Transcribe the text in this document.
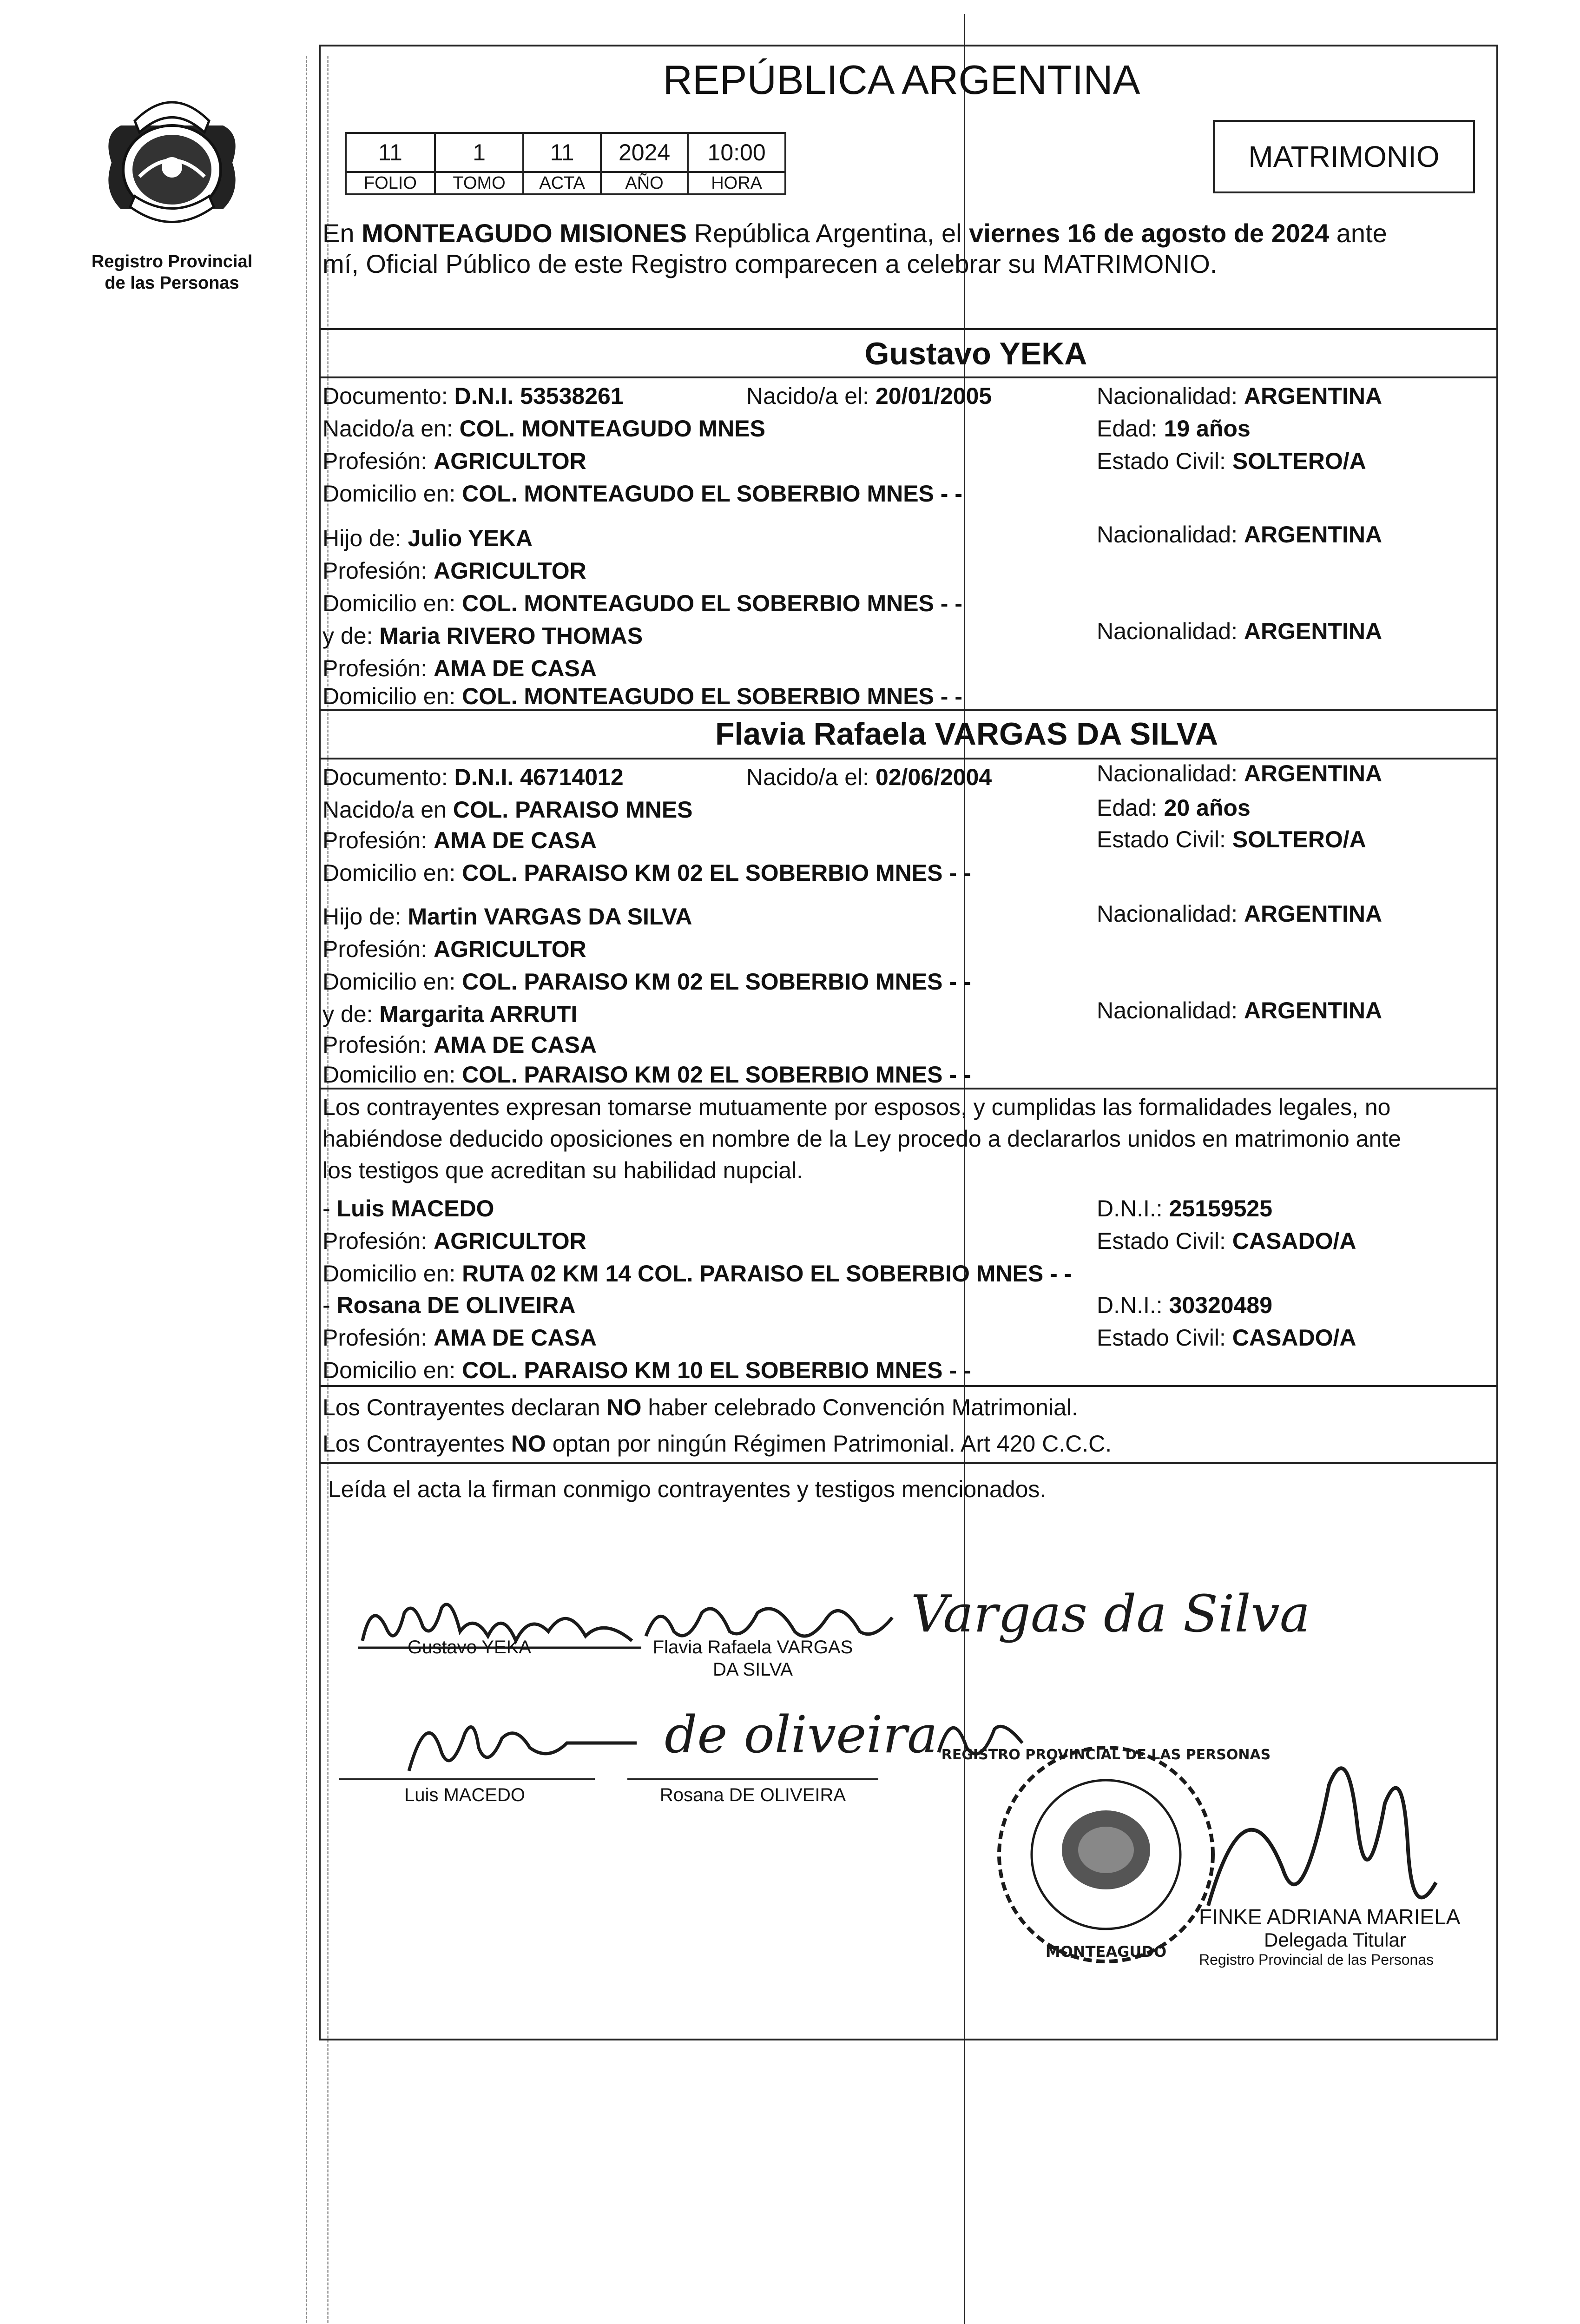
Registro Provincial
de las Personas
REPÚBLICA ARGENTINA
11	1	11	2024	10:00
FOLIO	TOMO	ACTA	AÑO	HORA
MATRIMONIO
En MONTEAGUDO MISIONES República Argentina, el viernes 16 de agosto de 2024 ante
mí, Oficial Público de este Registro comparecen a celebrar su MATRIMONIO.
Gustavo YEKA
Documento: D.N.I. 53538261	Nacido/a el: 20/01/2005	Nacionalidad: ARGENTINA
Nacido/a en: COL. MONTEAGUDO MNES	Edad: 19 años
Profesión: AGRICULTOR	Estado Civil: SOLTERO/A
Domicilio en: COL. MONTEAGUDO EL SOBERBIO MNES - -
Hijo de: Julio YEKA	Nacionalidad: ARGENTINA
Profesión: AGRICULTOR
Domicilio en: COL. MONTEAGUDO EL SOBERBIO MNES - -
y de: Maria RIVERO THOMAS	Nacionalidad: ARGENTINA
Profesión: AMA DE CASA
Domicilio en: COL. MONTEAGUDO EL SOBERBIO MNES - -
Flavia Rafaela VARGAS DA SILVA
Documento: D.N.I. 46714012	Nacido/a el: 02/06/2004	Nacionalidad: ARGENTINA
Nacido/a en COL. PARAISO MNES	Edad: 20 años
Profesión: AMA DE CASA	Estado Civil: SOLTERO/A
Domicilio en: COL. PARAISO KM 02 EL SOBERBIO MNES - -
Hijo de: Martin VARGAS DA SILVA	Nacionalidad: ARGENTINA
Profesión: AGRICULTOR
Domicilio en: COL. PARAISO KM 02 EL SOBERBIO MNES - -
y de: Margarita ARRUTI	Nacionalidad: ARGENTINA
Profesión: AMA DE CASA
Domicilio en: COL. PARAISO KM 02 EL SOBERBIO MNES - -
Los contrayentes expresan tomarse mutuamente por esposos, y cumplidas las formalidades legales, no
habiéndose deducido oposiciones en nombre de la Ley procedo a declararlos unidos en matrimonio ante
los testigos que acreditan su habilidad nupcial.
- Luis MACEDO	D.N.I.: 25159525
Profesión: AGRICULTOR	Estado Civil: CASADO/A
Domicilio en: RUTA 02 KM 14 COL. PARAISO EL SOBERBIO MNES - -
- Rosana DE OLIVEIRA	D.N.I.: 30320489
Profesión: AMA DE CASA	Estado Civil: CASADO/A
Domicilio en: COL. PARAISO KM 10 EL SOBERBIO MNES - -
Los Contrayentes declaran NO haber celebrado Convención Matrimonial.
Los Contrayentes NO optan por ningún Régimen Patrimonial. Art 420 C.C.C.
Leída el acta la firman conmigo contrayentes y testigos mencionados.
Vargas da Silva
Gustavo YEKA	Flavia Rafaela VARGAS
DA SILVA
de oliveira
Luis MACEDO	Rosana DE OLIVEIRA
REGISTRO PROVINCIAL DE LAS PERSONAS
MONTEAGUDO
FINKE ADRIANA MARIELA
Delegada Titular
Registro Provincial de las Personas
